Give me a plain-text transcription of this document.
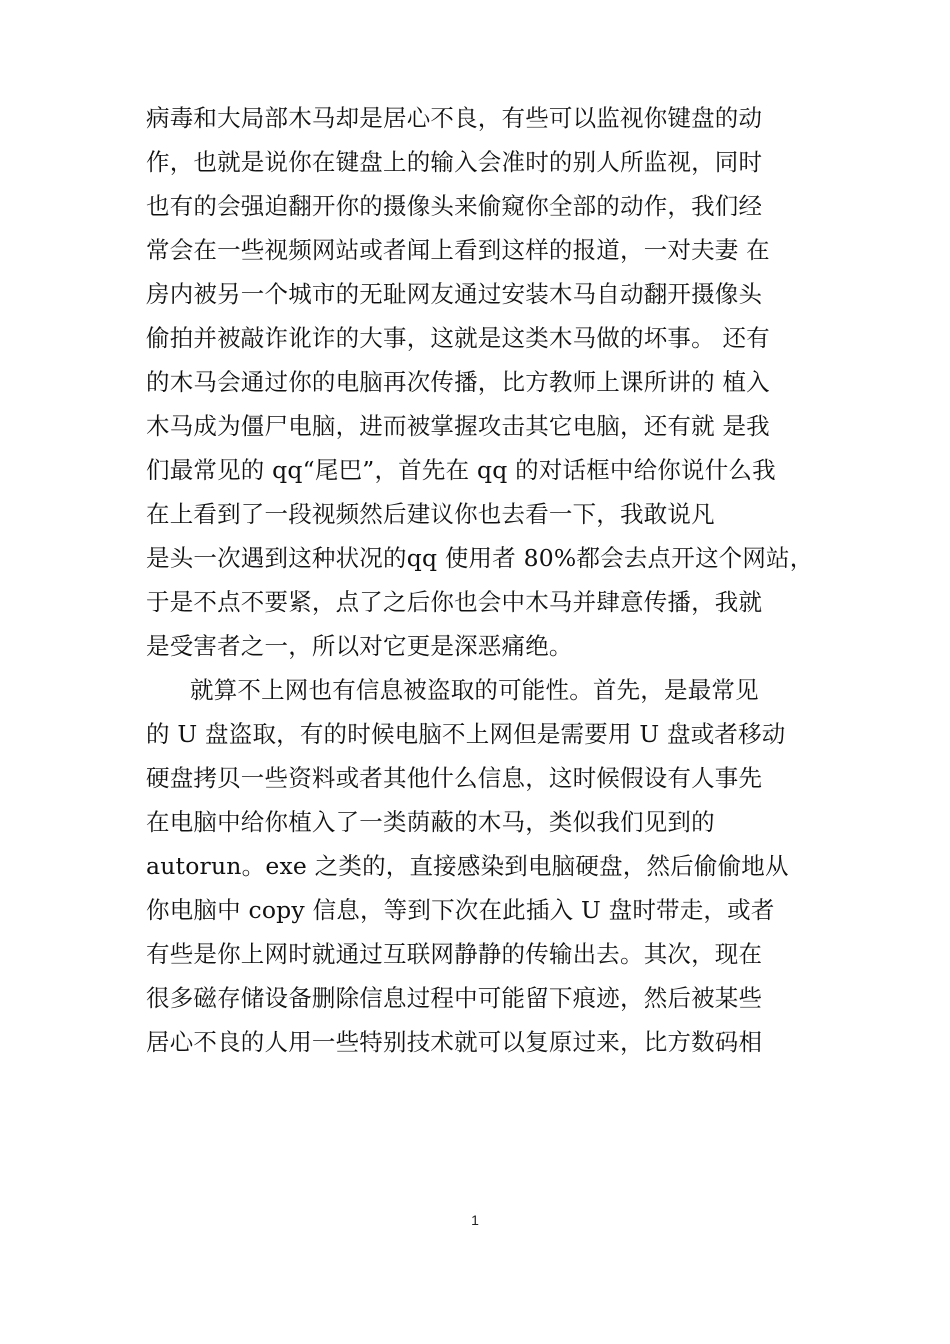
病毒和大局部木马却是居心不良，有些可以监视你键盘的动
作，也就是说你在键盘上的输入会准时的别人所监视，同时
也有的会强迫翻开你的摄像头来偷窥你全部的动作，我们经
常会在一些视频网站或者闻上看到这样的报道，一对夫妻 在
房内被另一个城市的无耻网友通过安装木马自动翻开摄像头
偷拍并被敲诈讹诈的大事，这就是这类木马做的坏事。 还有
的木马会通过你的电脑再次传播，比方教师上课所讲的 植入
木马成为僵尸电脑，进而被掌握攻击其它电脑，还有就 是我
们最常见的 qq“尾巴”，首先在 qq 的对话框中给你说什么我
在上看到了一段视频然后建议你也去看一下，我敢说凡
是头一次遇到这种状况的qq 使用者 80%都会去点开这个网站，
于是不点不要紧，点了之后你也会中木马并肆意传播，我就
是受害者之一，所以对它更是深恶痛绝。
就算不上网也有信息被盗取的可能性。首先，是最常见
的 U 盘盗取，有的时候电脑不上网但是需要用 U 盘或者移动
硬盘拷贝一些资料或者其他什么信息，这时候假设有人事先
在电脑中给你植入了一类荫蔽的木马，类似我们见到的
autorun。exe 之类的，直接感染到电脑硬盘，然后偷偷地从
你电脑中 copy 信息，等到下次在此插入 U 盘时带走，或者
有些是你上网时就通过互联网静静的传输出去。其次，现在
很多磁存储设备删除信息过程中可能留下痕迹，然后被某些
居心不良的人用一些特别技术就可以复原过来，比方数码相
1
